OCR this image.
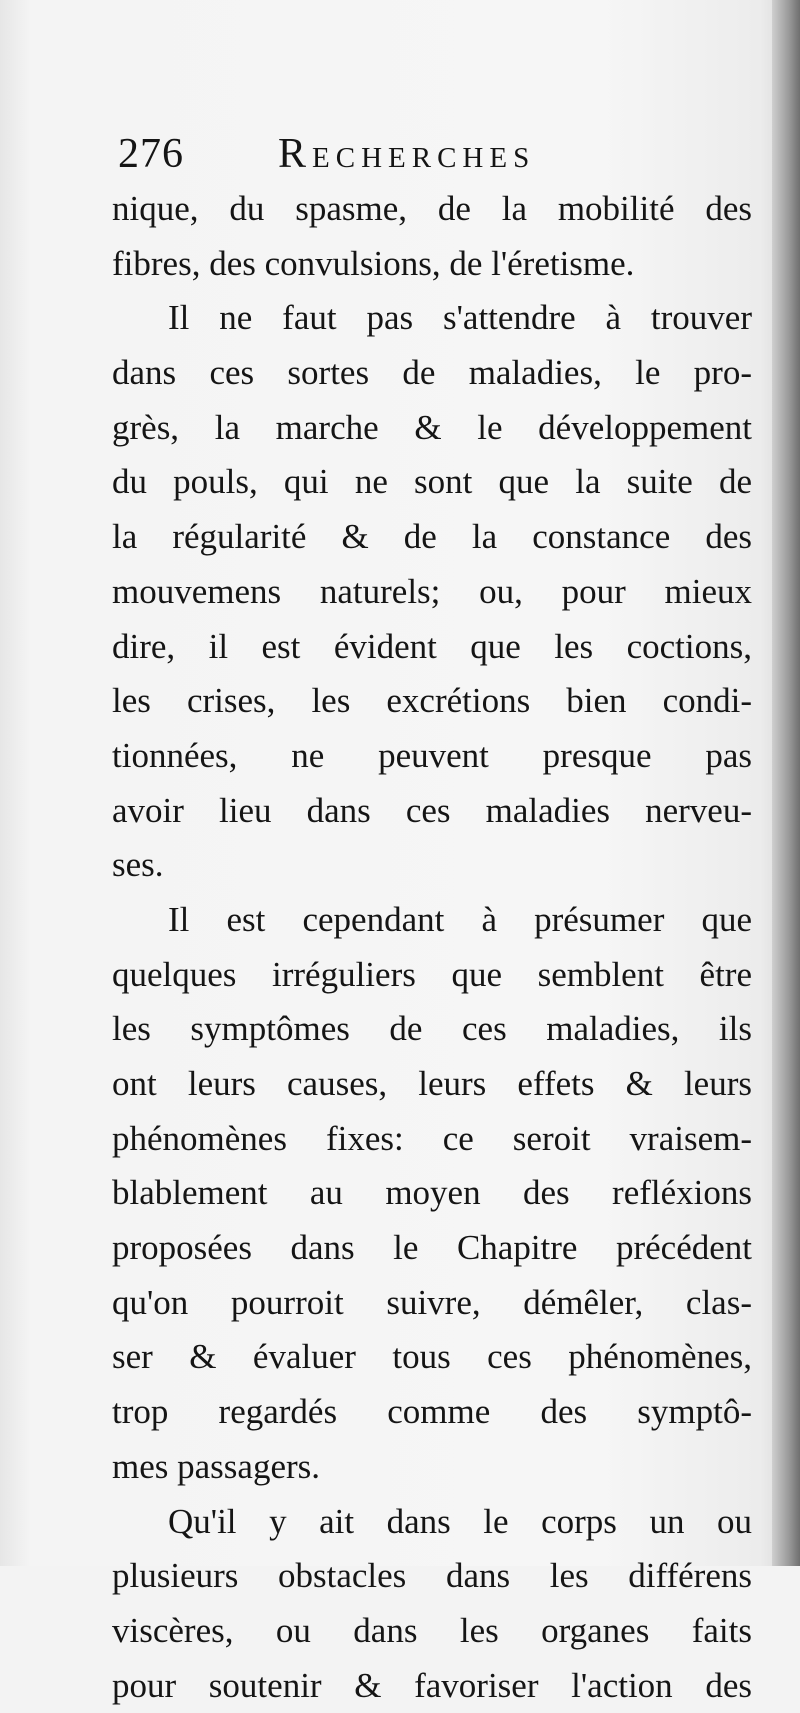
276 Recherches
nique, du spasme, de la mobilité des
fibres, des convulsions, de l'éretisme.
Il ne faut pas s'attendre à trouver
dans ces sortes de maladies, le pro-
grès, la marche & le développement
du pouls, qui ne sont que la suite de
la régularité & de la constance des
mouvemens naturels; ou, pour mieux
dire, il est évident que les coctions,
les crises, les excrétions bien condi-
tionnées, ne peuvent presque pas
avoir lieu dans ces maladies nerveu-
ses.
Il est cependant à présumer que
quelques irréguliers que semblent être
les symptômes de ces maladies, ils
ont leurs causes, leurs effets & leurs
phénomènes fixes: ce seroit vraisem-
blablement au moyen des refléxions
proposées dans le Chapitre précédent
qu'on pourroit suivre, démêler, clas-
ser & évaluer tous ces phénomènes,
trop regardés comme des symptô-
mes passagers.
Qu'il y ait dans le corps un ou
plusieurs obstacles dans les différens
viscères, ou dans les organes faits
pour soutenir & favoriser l'action des
